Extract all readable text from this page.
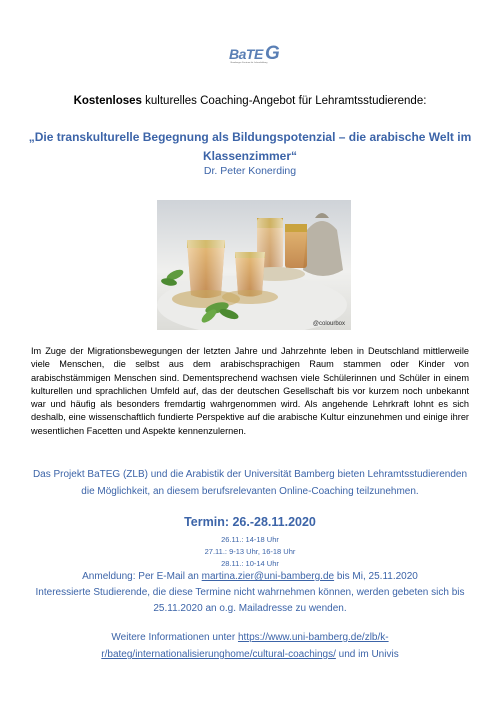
BaTE G
Bamberger Zentrum für Lehrerbildung
Kostenloses kulturelles Coaching-Angebot für Lehramtsstudierende:
„Die transkulturelle Begegnung als Bildungspotenzial – die arabische Welt im Klassenzimmer“
Dr. Peter Konerding
@colourbox
Im Zuge der Migrationsbewegungen der letzten Jahre und Jahrzehnte leben in Deutschland mittlerweile viele Menschen, die selbst aus dem arabischsprachigen Raum stammen oder Kinder von arabischstämmigen Menschen sind. Dementsprechend wachsen viele Schülerinnen und Schüler in einem kulturellen und sprachlichen Umfeld auf, das der deutschen Gesellschaft bis vor kurzem noch unbekannt war und häufig als besonders fremdartig wahrgenommen wird. Als angehende Lehrkraft lohnt es sich deshalb, eine wissenschaftlich fundierte Perspektive auf die arabische Kultur einzunehmen und einige ihrer wesentlichen Facetten und Aspekte kennenzulernen.
Das Projekt BaTEG (ZLB) und die Arabistik der Universität Bamberg bieten Lehramtsstudierenden die Möglichkeit, an diesem berufsrelevanten Online-Coaching teilzunehmen.
Termin: 26.-28.11.2020
26.11.: 14-18 Uhr
27.11.: 9-13 Uhr, 16-18 Uhr
28.11.: 10-14 Uhr
Anmeldung: Per E-Mail an martina.zier@uni-bamberg.de bis Mi, 25.11.2020
Interessierte Studierende, die diese Termine nicht wahrnehmen können, werden gebeten sich bis 25.11.2020 an o.g. Mailadresse zu wenden.
Weitere Informationen unter https://www.uni-bamberg.de/zlb/k-r/bateg/internationalisierunghome/cultural-coachings/ und im Univis
